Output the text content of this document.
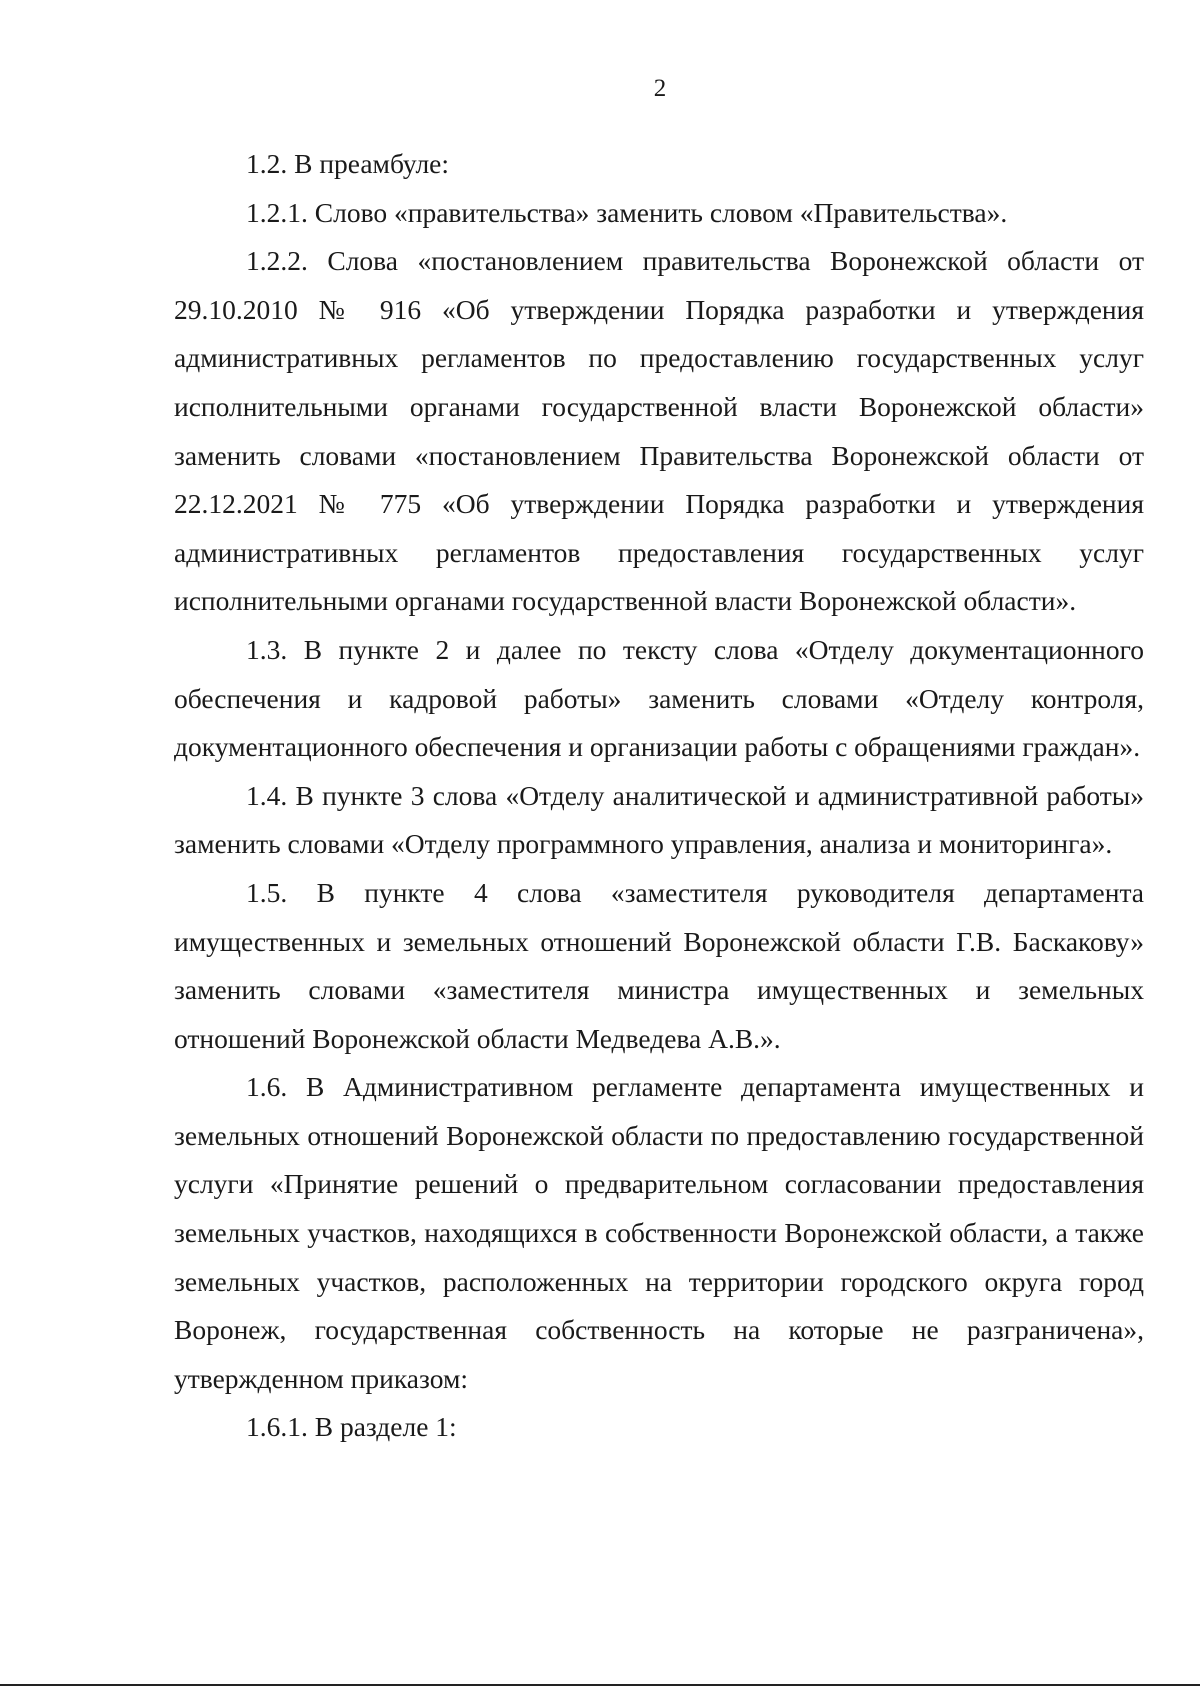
2

1.2. В преамбуле:

1.2.1. Слово «правительства» заменить словом «Правительства».

1.2.2. Слова «постановлением правительства Воронежской области от 29.10.2010 № 916 «Об утверждении Порядка разработки и утверждения административных регламентов по предоставлению государственных услуг исполнительными органами государственной власти Воронежской области» заменить словами «постановлением Правительства Воронежской области от 22.12.2021 № 775 «Об утверждении Порядка разработки и утверждения административных регламентов предоставления государственных услуг исполнительными органами государственной власти Воронежской области».

1.3. В пункте 2 и далее по тексту слова «Отделу документационного обеспечения и кадровой работы» заменить словами «Отделу контроля, документационного обеспечения и организации работы с обращениями граждан».

1.4. В пункте 3 слова «Отделу аналитической и административной работы» заменить словами «Отделу программного управления, анализа и мониторинга».

1.5. В пункте 4 слова «заместителя руководителя департамента имущественных и земельных отношений Воронежской области Г.В. Баскакову» заменить словами «заместителя министра имущественных и земельных отношений Воронежской области Медведева А.В.».

1.6. В Административном регламенте департамента имущественных и земельных отношений Воронежской области по предоставлению государственной услуги «Принятие решений о предварительном согласовании предоставления земельных участков, находящихся в собственности Воронежской области, а также земельных участков, расположенных на территории городского округа город Воронеж, государственная собственность на которые не разграничена», утвержденном приказом:

1.6.1. В разделе 1:
